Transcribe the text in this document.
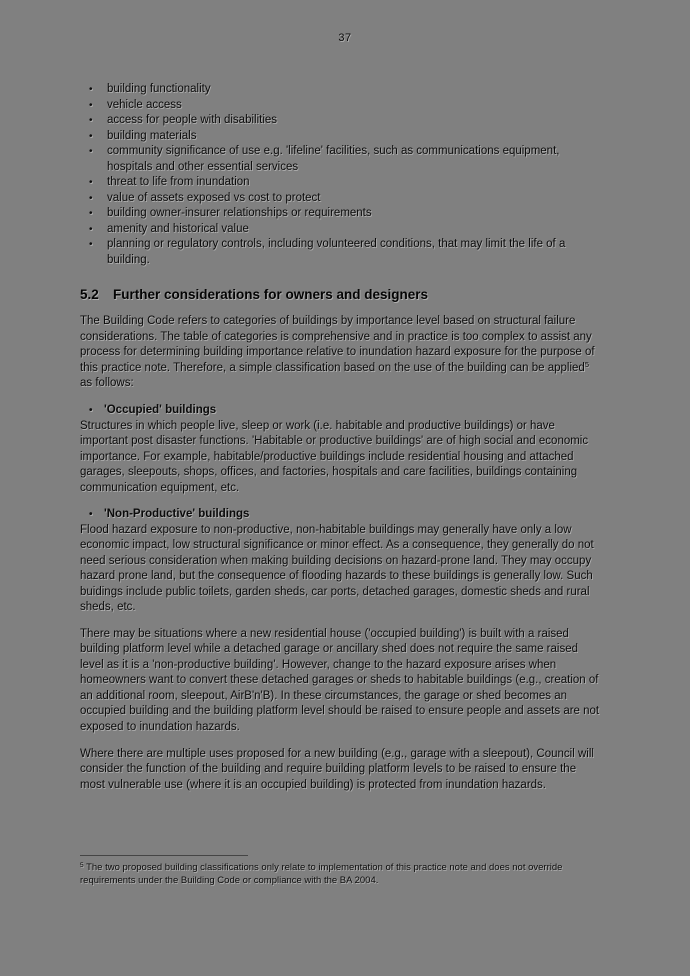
37
•	building functionality
•	vehicle access
•	access for people with disabilities
•	building materials
•	community significance of use e.g. 'lifeline' facilities, such as communications equipment, hospitals and other essential services
•	threat to life from inundation
•	value of assets exposed vs cost to protect
•	building owner-insurer relationships or requirements
•	amenity and historical value
•	planning or regulatory controls, including volunteered conditions, that may limit the life of a building.
5.2 Further considerations for owners and designers

The Building Code refers to categories of buildings by importance level based on structural failure considerations. The table of categories is comprehensive and in practice is too complex to assist any process for determining building importance relative to inundation hazard exposure for the purpose of this practice note. Therefore, a simple classification based on the use of the building can be applied$^5$ as follows:

• 'Occupied' buildings
Structures in which people live, sleep or work (i.e. habitable and productive buildings) or have important post disaster functions. 'Habitable or productive buildings' are of high social and economic importance. For example, habitable/productive buildings include residential housing and attached garages, sleepouts, shops, offices, and factories, hospitals and care facilities, buildings containing communication equipment, etc.
• 'Non-Productive' buildings
Flood hazard exposure to non-productive, non-habitable buildings may generally have only a low economic impact, low structural significance or minor effect. As a consequence, they generally do not need serious consideration when making building decisions on hazard-prone land. They may occupy hazard prone land, but the consequence of flooding hazards to these buildings is generally low. Such buidings include public toilets, garden sheds, car ports, detached garages, domestic sheds and rural sheds, etc.

There may be situations where a new residential house ('occupied building') is built with a raised building platform level while a detached garage or ancillary shed does not require the same raised level as it is a 'non-productive building'. However, change to the hazard exposure arises when homeowners want to convert these detached garages or sheds to habitable buildings (e.g., creation of an additional room, sleepout, AirB'n'B). In these circumstances, the garage or shed becomes an occupied building and the building platform level should be raised to ensure people and assets are not exposed to inundation hazards.

Where there are multiple uses proposed for a new building (e.g., garage with a sleepout), Council will consider the function of the building and require building platform levels to be raised to ensure the most vulnerable use (where it is an occupied building) is protected from inundation hazards.

$^5$ The two proposed building classifications only relate to implementation of this practice note and does not override requirements under the Building Code or compliance with the BA 2004.
